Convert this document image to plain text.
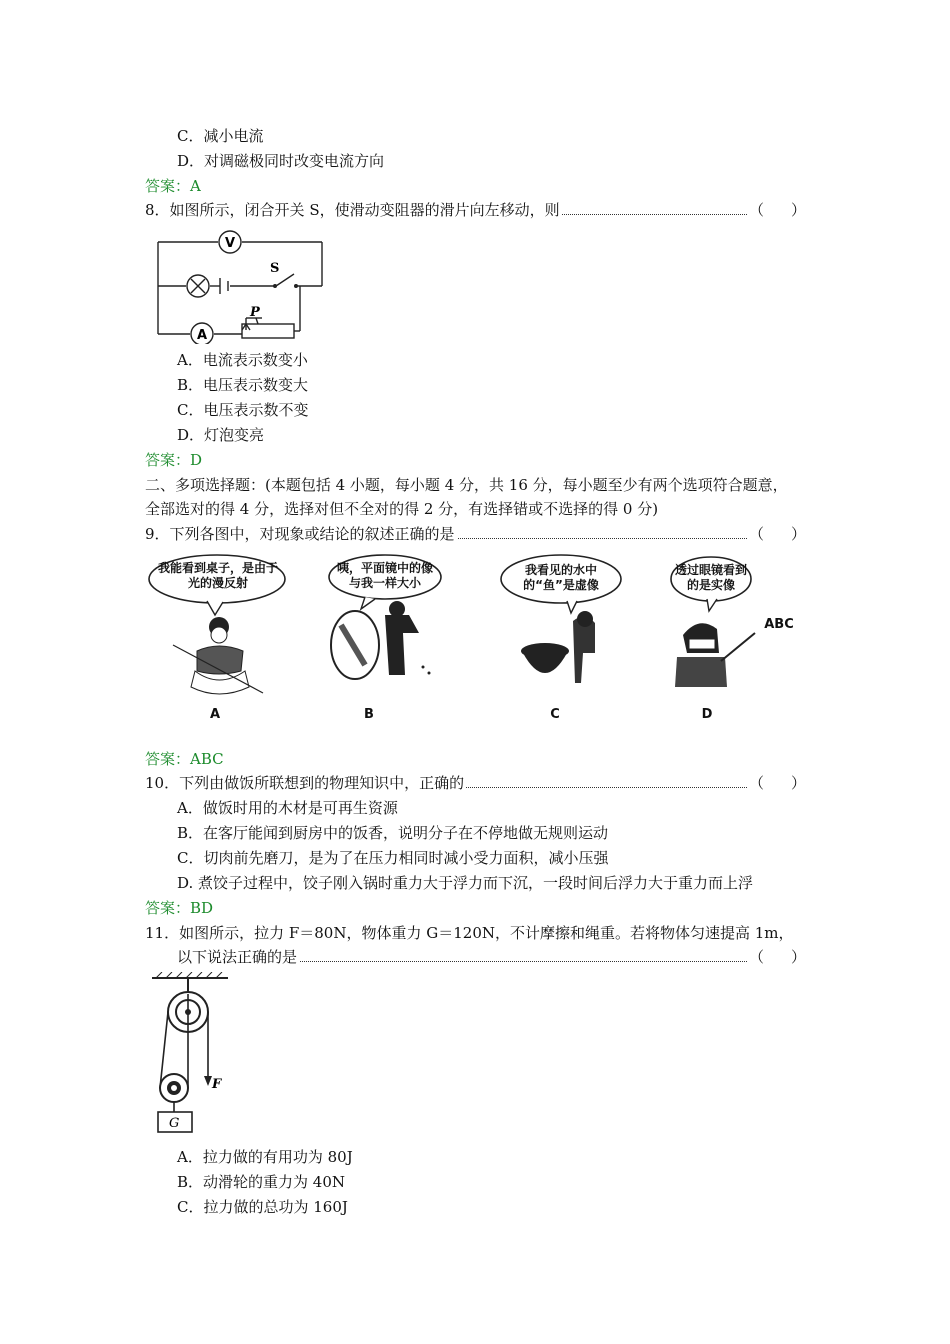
C．减小电流
D．对调磁极同时改变电流方向
答案：A
8．如图所示，闭合开关 S，使滑动变阻器的滑片向左移动，则	（ ）
V
A
S
P
A．电流表示数变小
B．电压表示数变大
C．电压表示数不变
D．灯泡变亮
答案：D
二、多项选择题：(本题包括 4 小题，每小题 4 分，共 16 分，每小题至少有两个选项符合题意，
全部选对的得 4 分，选择对但不全对的得 2 分，有选择错或不选择的得 0 分)
9．下列各图中，对现象或结论的叙述正确的是	（ ）
我能看到桌子，是由于光的漫反射
A
咦，平面镜中的像与我一样大小
B
我看见的水中的“鱼”是虚像
C
透过眼镜看到的是实像
ABC
D
答案：ABC
10．下列由做饭所联想到的物理知识中，正确的	（ ）
A．做饭时用的木材是可再生资源
B．在客厅能闻到厨房中的饭香，说明分子在不停地做无规则运动
C．切肉前先磨刀，是为了在压力相同时减小受力面积，减小压强
D. 煮饺子过程中，饺子刚入锅时重力大于浮力而下沉，一段时间后浮力大于重力而上浮
答案：BD
11．如图所示，拉力 F＝80N，物体重力 G＝120N，不计摩擦和绳重。若将物体匀速提高 1m，
以下说法正确的是	（ ）
F
G
A．拉力做的有用功为 80J
B．动滑轮的重力为 40N
C．拉力做的总功为 160J
